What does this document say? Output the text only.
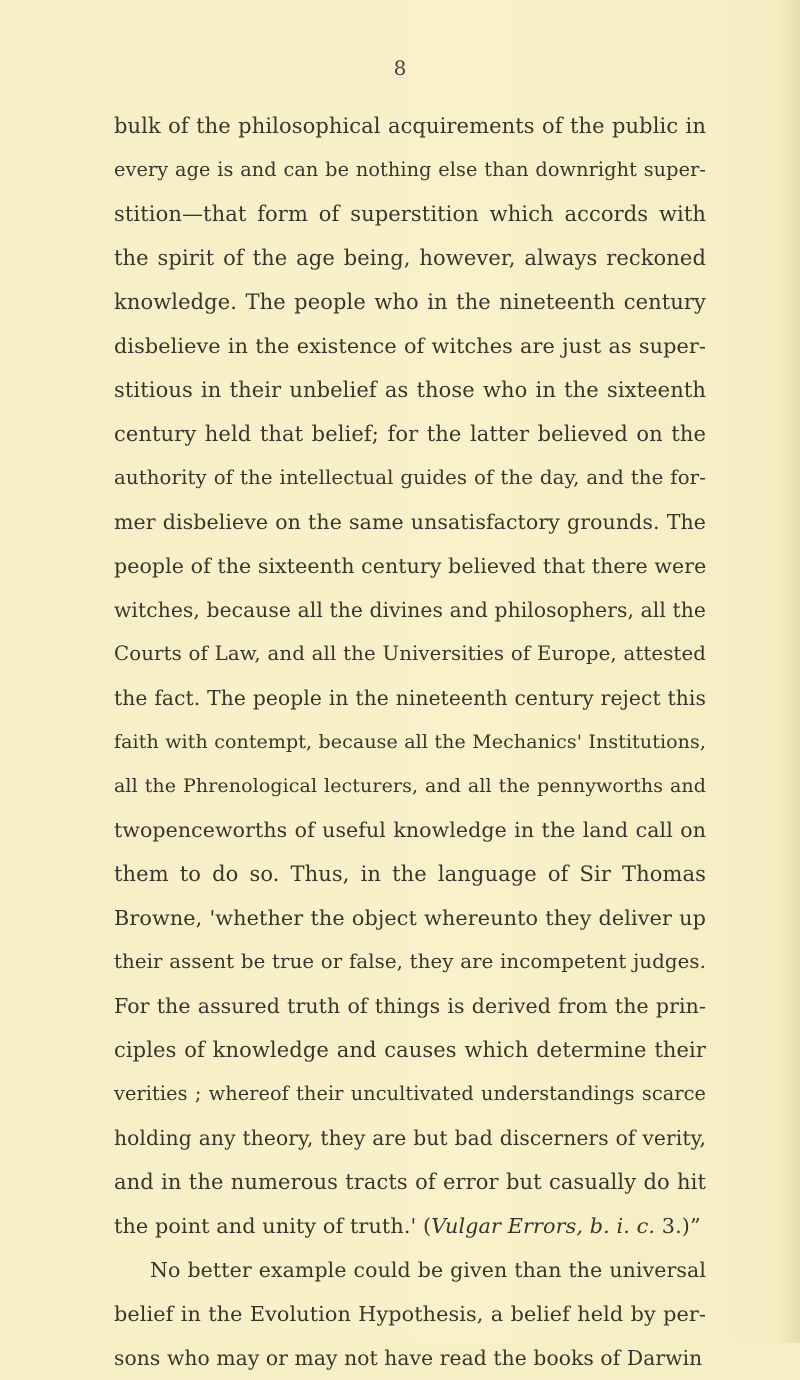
8
bulk of the philosophical acquirements of the public in
every age is and can be nothing else than downright super-
stition—that form of superstition which accords with
the spirit of the age being, however, always reckoned
knowledge. The people who in the nineteenth century
disbelieve in the existence of witches are just as super-
stitious in their unbelief as those who in the sixteenth
century held that belief; for the latter believed on the
authority of the intellectual guides of the day, and the for-
mer disbelieve on the same unsatisfactory grounds. The
people of the sixteenth century believed that there were
witches, because all the divines and philosophers, all the
Courts of Law, and all the Universities of Europe, attested
the fact. The people in the nineteenth century reject this
faith with contempt, because all the Mechanics' Institutions,
all the Phrenological lecturers, and all the pennyworths and
twopenceworths of useful knowledge in the land call on
them to do so. Thus, in the language of Sir Thomas
Browne, 'whether the object whereunto they deliver up
their assent be true or false, they are incompetent judges.
For the assured truth of things is derived from the prin-
ciples of knowledge and causes which determine their
verities ; whereof their uncultivated understandings scarce
holding any theory, they are but bad discerners of verity,
and in the numerous tracts of error but casually do hit
the point and unity of truth.' (Vulgar Errors, b. i. c. 3.)”
No better example could be given than the universal
belief in the Evolution Hypothesis, a belief held by per-
sons who may or may not have read the books of Darwin
